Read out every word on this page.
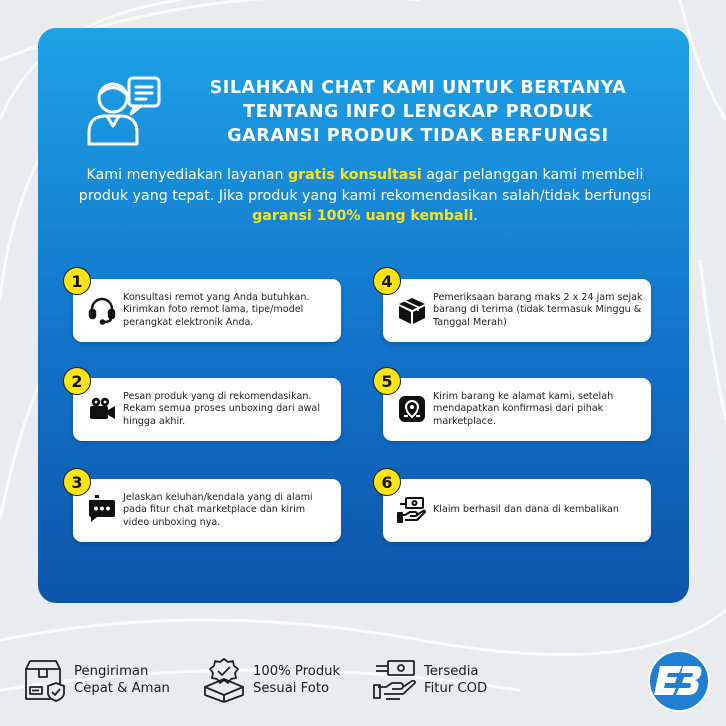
SILAHKAN CHAT KAMI UNTUK BERTANYA
TENTANG INFO LENGKAP PRODUK
GARANSI PRODUK TIDAK BERFUNGSI
Kami menyediakan layanan gratis konsultasi agar pelanggan kami membeli produk yang tepat. Jika produk yang kami rekomendasikan salah/tidak berfungsi garansi 100% uang kembali.
Konsultasi remot yang Anda butuhkan. Kirimkan foto remot lama, tipe/model perangkat elektronik Anda.
1
Pesan produk yang di rekomendasikan. Rekam semua proses unboxing dari awal hingga akhir.
2
Jelaskan keluhan/kendala yang di alami pada fitur chat marketplace dan kirim video unboxing nya.
3
Pemeriksaan barang maks 2 x 24 jam sejak barang di terima (tidak termasuk Minggu & Tanggal Merah)
4
Kirim barang ke alamat kami, setelah mendapatkan konfirmasi dari pihak marketplace.
5
Klaim berhasil dan dana di kembalikan
6
Pengiriman
Cepat & Aman
100% Produk
Sesuai Foto
Tersedia
Fitur COD
